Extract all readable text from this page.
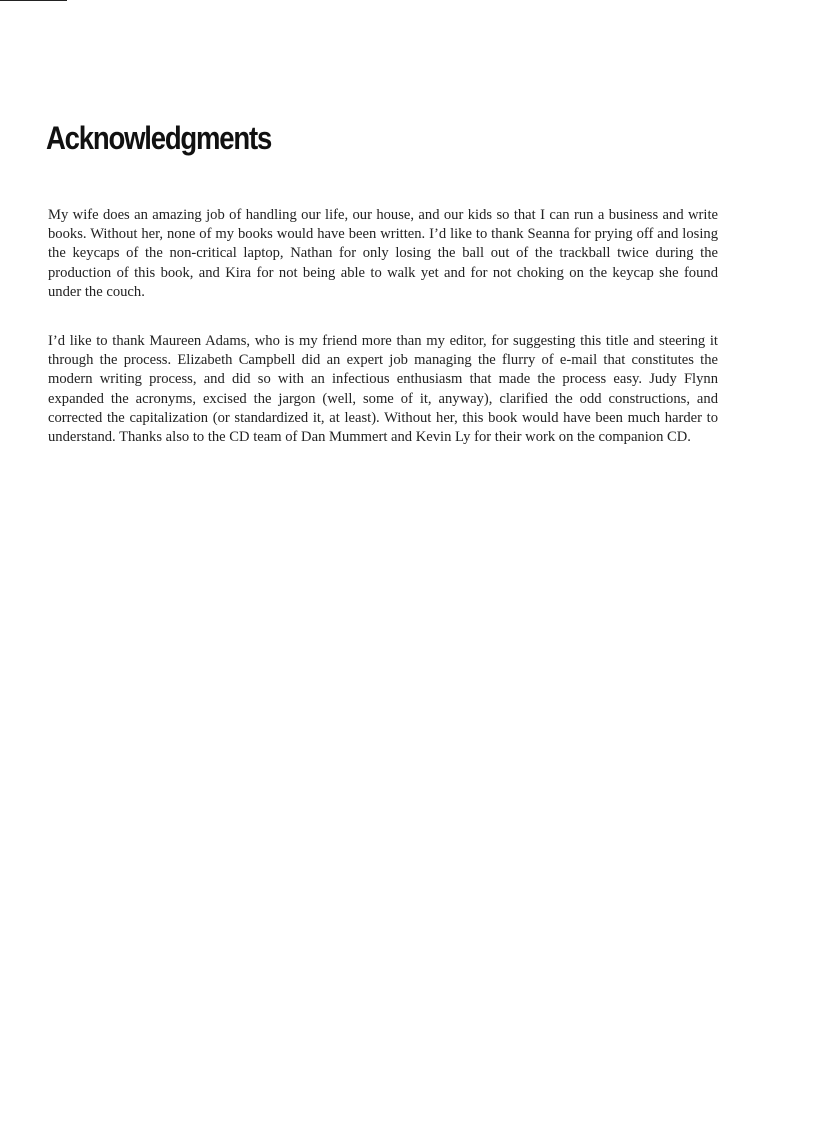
Acknowledgments

My wife does an amazing job of handling our life, our house, and our kids so that I can run a business and write books. Without her, none of my books would have been written. I’d like to thank Seanna for prying off and losing the keycaps of the non-critical laptop, Nathan for only losing the ball out of the trackball twice during the production of this book, and Kira for not being able to walk yet and for not choking on the keycap she found under the couch.

I’d like to thank Maureen Adams, who is my friend more than my editor, for suggesting this title and steering it through the process. Elizabeth Campbell did an expert job managing the flurry of e-mail that constitutes the modern writing process, and did so with an infectious enthusiasm that made the process easy. Judy Flynn expanded the acronyms, excised the jargon (well, some of it, anyway), clarified the odd constructions, and corrected the capitalization (or standardized it, at least). Without her, this book would have been much harder to understand. Thanks also to the CD team of Dan Mummert and Kevin Ly for their work on the companion CD.
